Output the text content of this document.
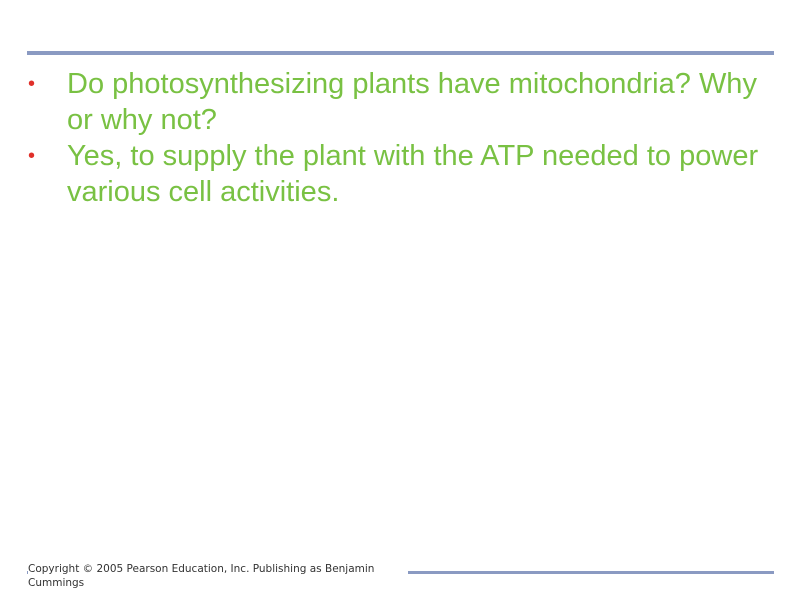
• Do photosynthesizing plants have mitochondria? Why or why not?
• Yes, to supply the plant with the ATP needed to power various cell activities.
Copyright © 2005 Pearson Education, Inc. Publishing as Benjamin Cummings
